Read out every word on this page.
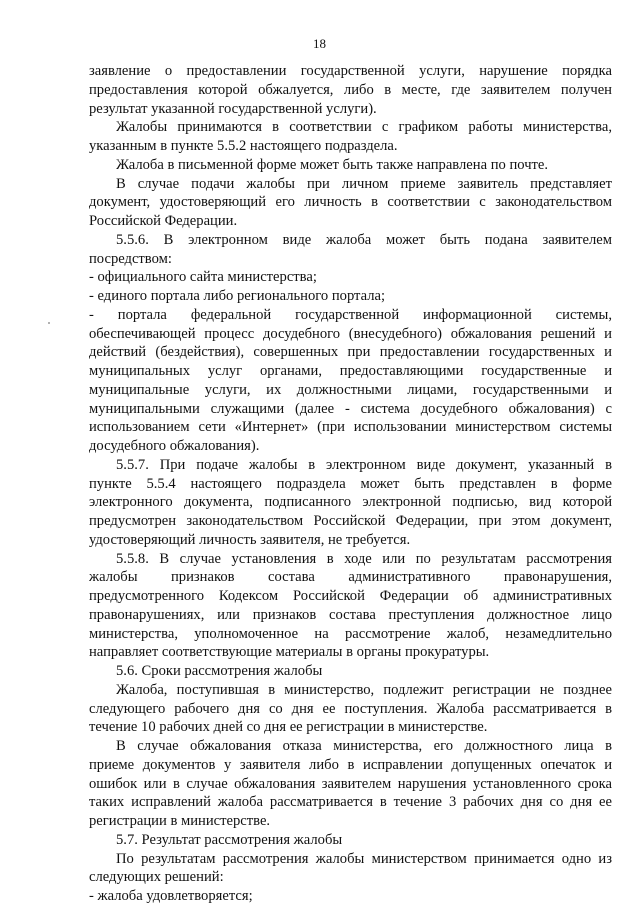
18
заявление о предоставлении государственной услуги, нарушение порядка
предоставления которой обжалуется, либо в месте, где заявителем получен
результат указанной государственной услуги).
Жалобы принимаются в соответствии с графиком работы министерства,
указанным в пункте 5.5.2 настоящего подраздела.
Жалоба в письменной форме может быть также направлена по почте.
В случае подачи жалобы при личном приеме заявитель представляет
документ, удостоверяющий его личность в соответствии с законодательством
Российской Федерации.
5.5.6. В электронном виде жалоба может быть подана заявителем
посредством:
- официального сайта министерства;
- единого портала либо регионального портала;
- портала федеральной государственной информационной системы,
обеспечивающей процесс досудебного (внесудебного) обжалования решений и
действий (бездействия), совершенных при предоставлении государственных и
муниципальных услуг органами, предоставляющими государственные и
муниципальные услуги, их должностными лицами, государственными и
муниципальными служащими (далее - система досудебного обжалования) с
использованием сети «Интернет» (при использовании министерством системы
досудебного обжалования).
5.5.7. При подаче жалобы в электронном виде документ, указанный в
пункте 5.5.4 настоящего подраздела может быть представлен в форме
электронного документа, подписанного электронной подписью, вид которой
предусмотрен законодательством Российской Федерации, при этом документ,
удостоверяющий личность заявителя, не требуется.
5.5.8. В случае установления в ходе или по результатам рассмотрения
жалобы признаков состава административного правонарушения,
предусмотренного Кодексом Российской Федерации об административных
правонарушениях, или признаков состава преступления должностное лицо
министерства, уполномоченное на рассмотрение жалоб, незамедлительно
направляет соответствующие материалы в органы прокуратуры.
5.6. Сроки рассмотрения жалобы
Жалоба, поступившая в министерство, подлежит регистрации не позднее
следующего рабочего дня со дня ее поступления. Жалоба рассматривается в
течение 10 рабочих дней со дня ее регистрации в министерстве.
В случае обжалования отказа министерства, его должностного лица в
приеме документов у заявителя либо в исправлении допущенных опечаток и
ошибок или в случае обжалования заявителем нарушения установленного срока
таких исправлений жалоба рассматривается в течение 3 рабочих дня со дня ее
регистрации в министерстве.
5.7. Результат рассмотрения жалобы
По результатам рассмотрения жалобы министерством принимается одно из
следующих решений:
- жалоба удовлетворяется;
